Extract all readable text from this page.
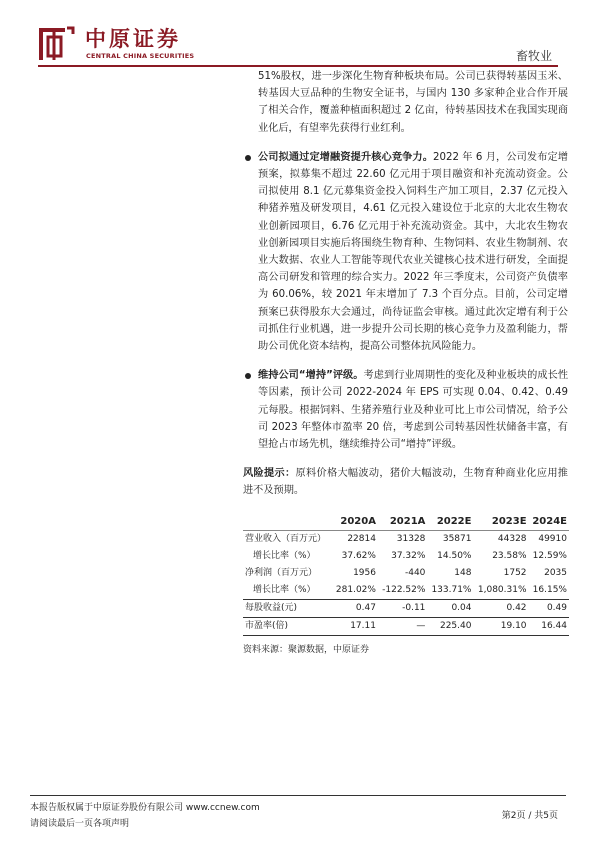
中原证券
CENTRAL CHINA SECURITIES	畜牧业

51%股权，进一步深化生物育种板块布局。公司已获得转基因玉米、转基因大豆品种的生物安全证书，与国内 130 多家种企业合作开展了相关合作，覆盖种植面积超过 2 亿亩，待转基因技术在我国实现商业化后，有望率先获得行业红利。

公司拟通过定增融资提升核心竞争力。2022 年 6 月，公司发布定增预案，拟募集不超过 22.60 亿元用于项目融资和补充流动资金。公司拟使用 8.1 亿元募集资金投入饲料生产加工项目，2.37 亿元投入种猪养殖及研发项目，4.61 亿元投入建设位于北京的大北农生物农业创新园项目，6.76 亿元用于补充流动资金。其中，大北农生物农业创新园项目实施后将围绕生物育种、生物饲料、农业生物制剂、农业大数据、农业人工智能等现代农业关键核心技术进行研发，全面提高公司研发和管理的综合实力。2022 年三季度末，公司资产负债率为 60.06%，较 2021 年末增加了 7.3 个百分点。目前，公司定增预案已获得股东大会通过，尚待证监会审核。通过此次定增有利于公司抓住行业机遇，进一步提升公司长期的核心竞争力及盈利能力，帮助公司优化资本结构，提高公司整体抗风险能力。

维持公司“增持”评级。考虑到行业周期性的变化及种业板块的成长性等因素，预计公司 2022-2024 年 EPS 可实现 0.04、0.42、0.49 元每股。根据饲料、生猪养殖行业及种业可比上市公司情况，给予公司 2023 年整体市盈率 20 倍，考虑到公司转基因性状储备丰富，有望抢占市场先机，继续维持公司“增持”评级。

风险提示：原料价格大幅波动，猪价大幅波动，生物育种商业化应用推进不及预期。

	2020A	2021A	2022E	2023E	2024E
营业收入（百万元）	22814	31328	35871	44328	49910
增长比率（%）	37.62%	37.32%	14.50%	23.58%	12.59%
净利润（百万元）	1956	-440	148	1752	2035
增长比率（%）	281.02%	-122.52%	133.71%	1,080.31%	16.15%
每股收益(元)	0.47	-0.11	0.04	0.42	0.49
市盈率(倍)	17.11	—	225.40	19.10	16.44
资料来源：聚源数据，中原证券
本报告版权属于中原证券股份有限公司 www.ccnew.com
请阅读最后一页各项声明
第2页 / 共5页
